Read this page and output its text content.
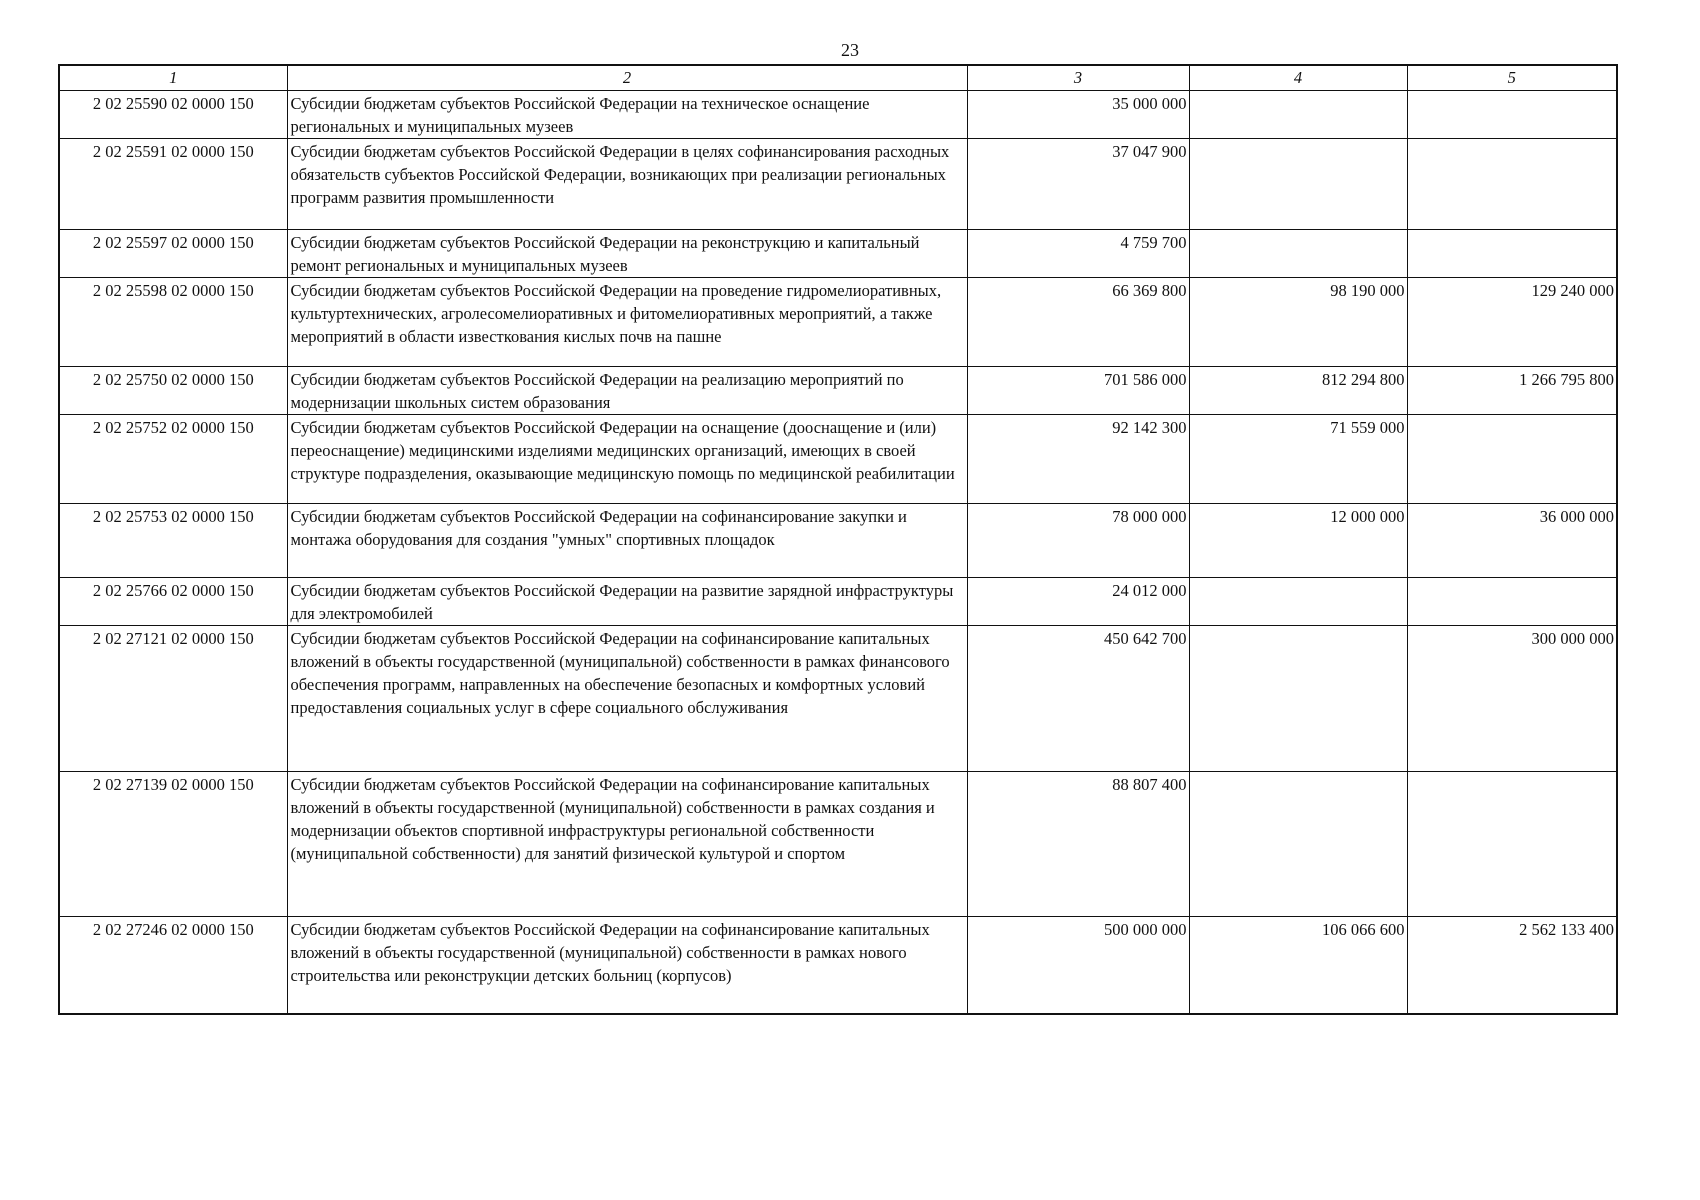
23
1	2	3	4	5
2 02 25590 02 0000 150	Субсидии бюджетам субъектов Российской Федерации на техническое оснащение региональных и муниципальных музеев	35 000 000		
2 02 25591 02 0000 150	Субсидии бюджетам субъектов Российской Федерации в целях софинансирования расходных обязательств субъектов Российской Федерации, возникающих при реализации региональных программ развития промышленности	37 047 900		
2 02 25597 02 0000 150	Субсидии бюджетам субъектов Российской Федерации на реконструкцию и капитальный ремонт региональных и муниципальных музеев	4 759 700		
2 02 25598 02 0000 150	Субсидии бюджетам субъектов Российской Федерации на проведение гидромелиоративных, культуртехнических, агролесомелиоративных и фитомелиоративных мероприятий, а также мероприятий в области известкования кислых почв на пашне	66 369 800	98 190 000	129 240 000
2 02 25750 02 0000 150	Субсидии бюджетам субъектов Российской Федерации на реализацию мероприятий по модернизации школьных систем образования	701 586 000	812 294 800	1 266 795 800
2 02 25752 02 0000 150	Субсидии бюджетам субъектов Российской Федерации на оснащение (дооснащение и (или) переоснащение) медицинскими изделиями медицинских организаций, имеющих в своей структуре подразделения, оказывающие медицинскую помощь по медицинской реабилитации	92 142 300	71 559 000	
2 02 25753 02 0000 150	Субсидии бюджетам субъектов Российской Федерации на софинансирование закупки и монтажа оборудования для создания "умных" спортивных площадок	78 000 000	12 000 000	36 000 000
2 02 25766 02 0000 150	Субсидии бюджетам субъектов Российской Федерации на развитие зарядной инфраструктуры для электромобилей	24 012 000		
2 02 27121 02 0000 150	Субсидии бюджетам субъектов Российской Федерации на софинансирование капитальных вложений в объекты государственной (муниципальной) собственности в рамках финансового обеспечения программ, направленных на обеспечение безопасных и комфортных условий предоставления социальных услуг в сфере социального обслуживания	450 642 700		300 000 000
2 02 27139 02 0000 150	Субсидии бюджетам субъектов Российской Федерации на софинансирование капитальных вложений в объекты государственной (муниципальной) собственности в рамках создания и модернизации объектов спортивной инфраструктуры региональной собственности (муниципальной собственности) для занятий физической культурой и спортом	88 807 400		
2 02 27246 02 0000 150	Субсидии бюджетам субъектов Российской Федерации на софинансирование капитальных вложений в объекты государственной (муниципальной) собственности в рамках нового строительства или реконструкции детских больниц (корпусов)	500 000 000	106 066 600	2 562 133 400
